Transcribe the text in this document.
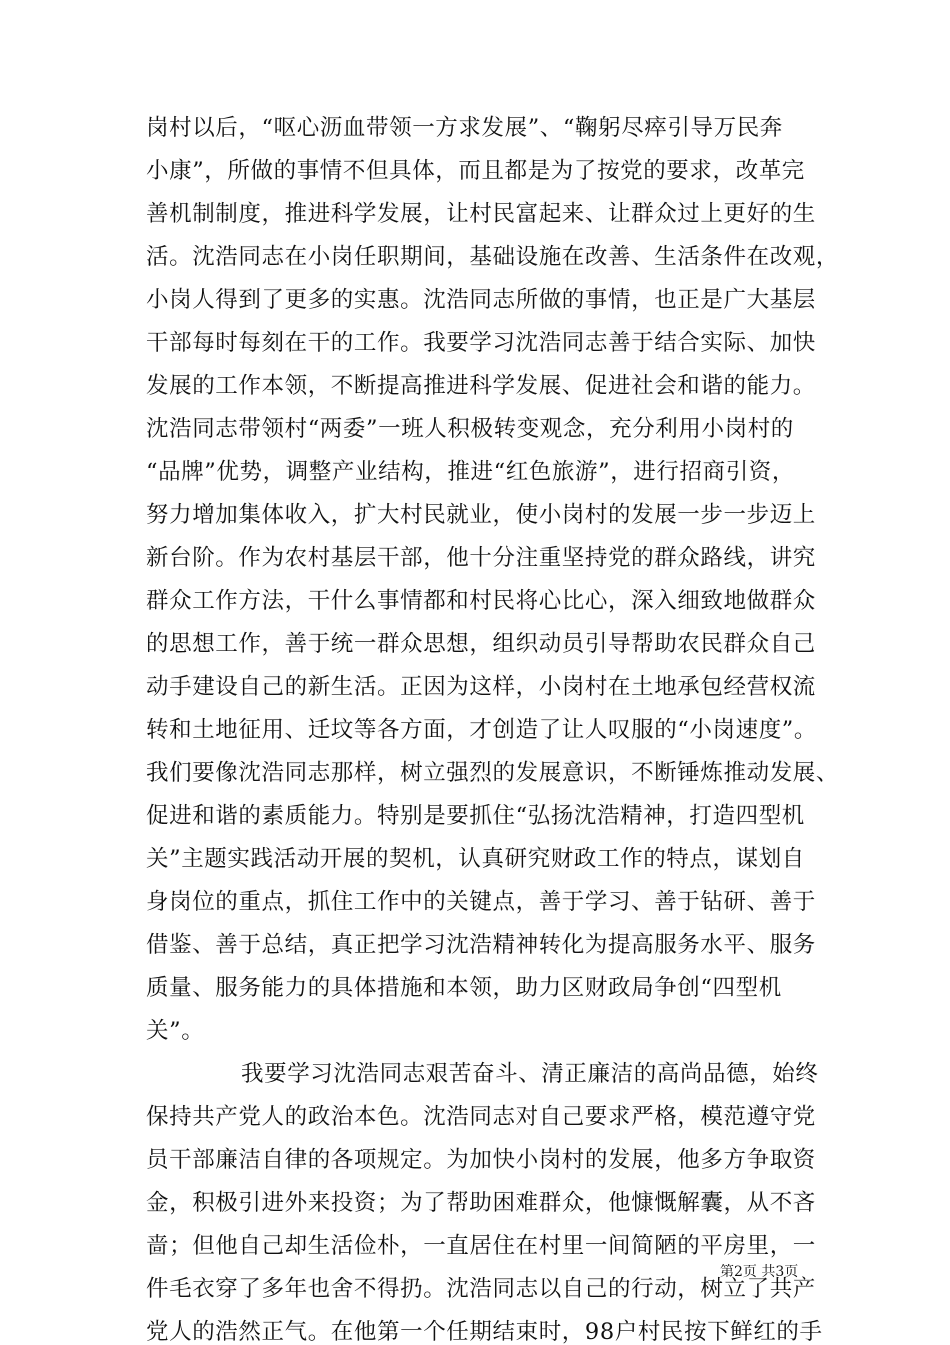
岗村以后，“呕心沥血带领一方求发展”、“鞠躬尽瘁引导万民奔
小康”，所做的事情不但具体，而且都是为了按党的要求，改革完
善机制制度，推进科学发展，让村民富起来、让群众过上更好的生
活。沈浩同志在小岗任职期间，基础设施在改善、生活条件在改观，
小岗人得到了更多的实惠。沈浩同志所做的事情，也正是广大基层
干部每时每刻在干的工作。我要学习沈浩同志善于结合实际、加快
发展的工作本领，不断提高推进科学发展、促进社会和谐的能力。
沈浩同志带领村“两委”一班人积极转变观念，充分利用小岗村的
“品牌”优势，调整产业结构，推进“红色旅游”，进行招商引资，
努力增加集体收入，扩大村民就业，使小岗村的发展一步一步迈上
新台阶。作为农村基层干部，他十分注重坚持党的群众路线，讲究
群众工作方法，干什么事情都和村民将心比心，深入细致地做群众
的思想工作，善于统一群众思想，组织动员引导帮助农民群众自己
动手建设自己的新生活。正因为这样，小岗村在土地承包经营权流
转和土地征用、迁坟等各方面，才创造了让人叹服的“小岗速度”。
我们要像沈浩同志那样，树立强烈的发展意识，不断锤炼推动发展、
促进和谐的素质能力。特别是要抓住“弘扬沈浩精神，打造四型机
关”主题实践活动开展的契机，认真研究财政工作的特点，谋划自
身岗位的重点，抓住工作中的关键点，善于学习、善于钻研、善于
借鉴、善于总结，真正把学习沈浩精神转化为提高服务水平、服务
质量、服务能力的具体措施和本领，助力区财政局争创“四型机
关”。
我要学习沈浩同志艰苦奋斗、清正廉洁的高尚品德，始终
保持共产党人的政治本色。沈浩同志对自己要求严格，模范遵守党
员干部廉洁自律的各项规定。为加快小岗村的发展，他多方争取资
金，积极引进外来投资；为了帮助困难群众，他慷慨解囊，从不吝
啬；但他自己却生活俭朴，一直居住在村里一间简陋的平房里，一
件毛衣穿了多年也舍不得扔。沈浩同志以自己的行动，树立了共产
党人的浩然正气。在他第一个任期结束时，98户村民按下鲜红的手
第2页 共3页
